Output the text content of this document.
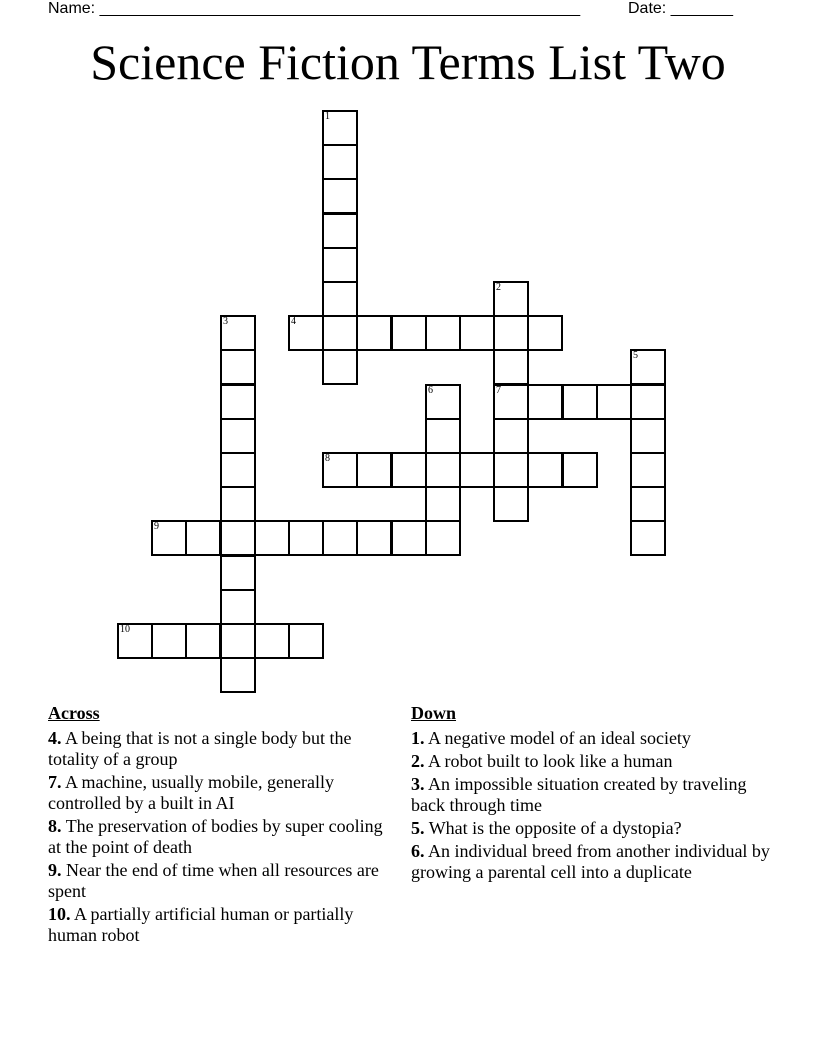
Name: ______________________________________________________	Date: _______
Science Fiction Terms List Two
1
2
7
3	4
5
6
8
9
10
Across
4. A being that is not a single body but the totality of a group
7. A machine, usually mobile, generally controlled by a built in AI
8. The preservation of bodies by super cooling at the point of death
9. Near the end of time when all resources are spent
10. A partially artificial human or partially human robot
Down
1. A negative model of an ideal society
2. A robot built to look like a human
3. An impossible situation created by traveling back through time
5. What is the opposite of a dystopia?
6. An individual breed from another individual by growing a parental cell into a duplicate
